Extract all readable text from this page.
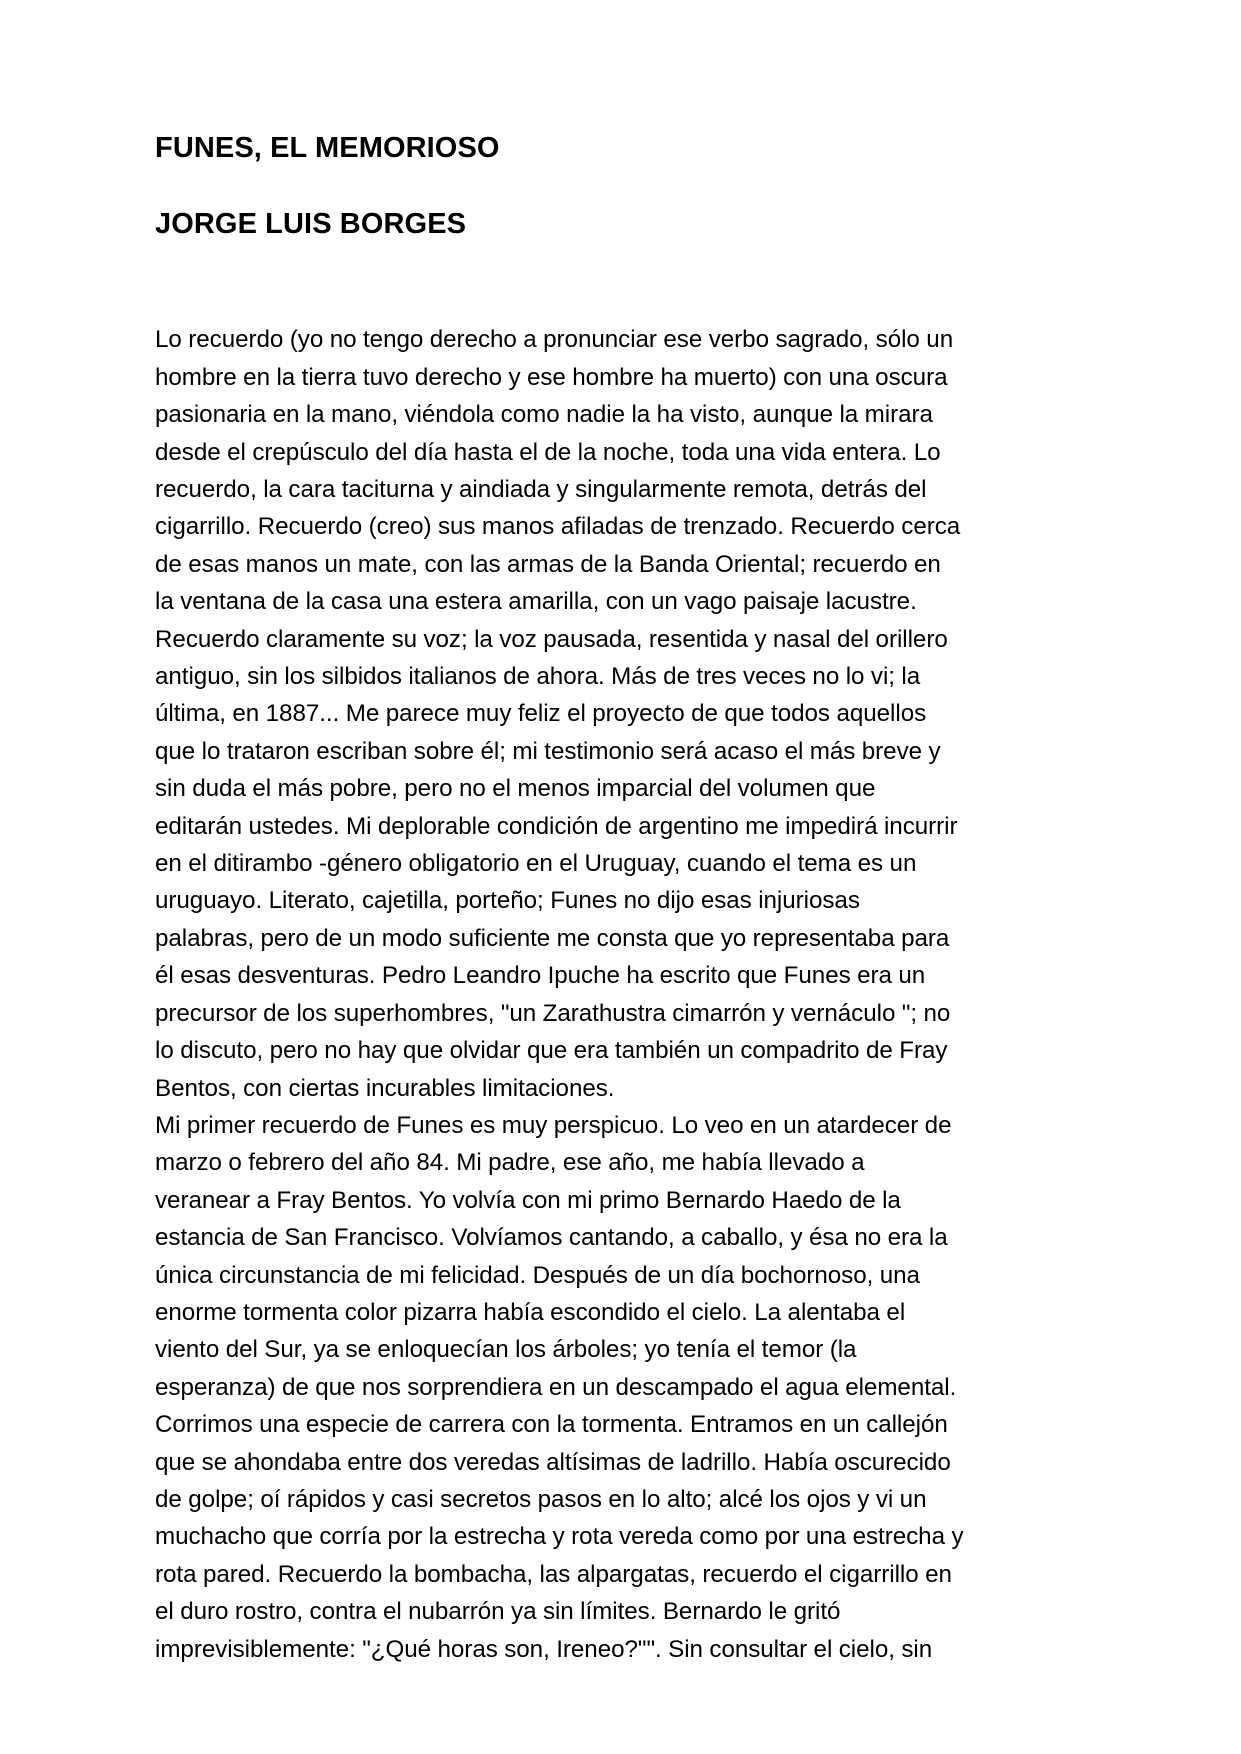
FUNES, EL MEMORIOSO
JORGE LUIS BORGES

Lo recuerdo (yo no tengo derecho a pronunciar ese verbo sagrado, sólo un hombre en la tierra tuvo derecho y ese hombre ha muerto) con una oscura pasionaria en la mano, viéndola como nadie la ha visto, aunque la mirara desde el crepúsculo del día hasta el de la noche, toda una vida entera. Lo recuerdo, la cara taciturna y aindiada y singularmente remota, detrás del cigarrillo. Recuerdo (creo) sus manos afiladas de trenzado. Recuerdo cerca de esas manos un mate, con las armas de la Banda Oriental; recuerdo en la ventana de la casa una estera amarilla, con un vago paisaje lacustre. Recuerdo claramente su voz; la voz pausada, resentida y nasal del orillero antiguo, sin los silbidos italianos de ahora. Más de tres veces no lo vi; la última, en 1887... Me parece muy feliz el proyecto de que todos aquellos que lo trataron escriban sobre él; mi testimonio será acaso el más breve y sin duda el más pobre, pero no el menos imparcial del volumen que editarán ustedes. Mi deplorable condición de argentino me impedirá incurrir en el ditirambo -género obligatorio en el Uruguay, cuando el tema es un uruguayo. Literato, cajetilla, porteño; Funes no dijo esas injuriosas palabras, pero de un modo suficiente me consta que yo representaba para él esas desventuras. Pedro Leandro Ipuche ha escrito que Funes era un precursor de los superhombres, "un Zarathustra cimarrón y vernáculo "; no lo discuto, pero no hay que olvidar que era también un compadrito de Fray Bentos, con ciertas incurables limitaciones.

Mi primer recuerdo de Funes es muy perspicuo. Lo veo en un atardecer de marzo o febrero del año 84. Mi padre, ese año, me había llevado a veranear a Fray Bentos. Yo volvía con mi primo Bernardo Haedo de la estancia de San Francisco. Volvíamos cantando, a caballo, y ésa no era la única circunstancia de mi felicidad. Después de un día bochornoso, una enorme tormenta color pizarra había escondido el cielo. La alentaba el viento del Sur, ya se enloquecían los árboles; yo tenía el temor (la esperanza) de que nos sorprendiera en un descampado el agua elemental. Corrimos una especie de carrera con la tormenta. Entramos en un callejón que se ahondaba entre dos veredas altísimas de ladrillo. Había oscurecido de golpe; oí rápidos y casi secretos pasos en lo alto; alcé los ojos y vi un muchacho que corría por la estrecha y rota vereda como por una estrecha y rota pared. Recuerdo la bombacha, las alpargatas, recuerdo el cigarrillo en el duro rostro, contra el nubarrón ya sin límites. Bernardo le gritó imprevisiblemente: "¿Qué horas son, Ireneo?"". Sin consultar el cielo, sin
